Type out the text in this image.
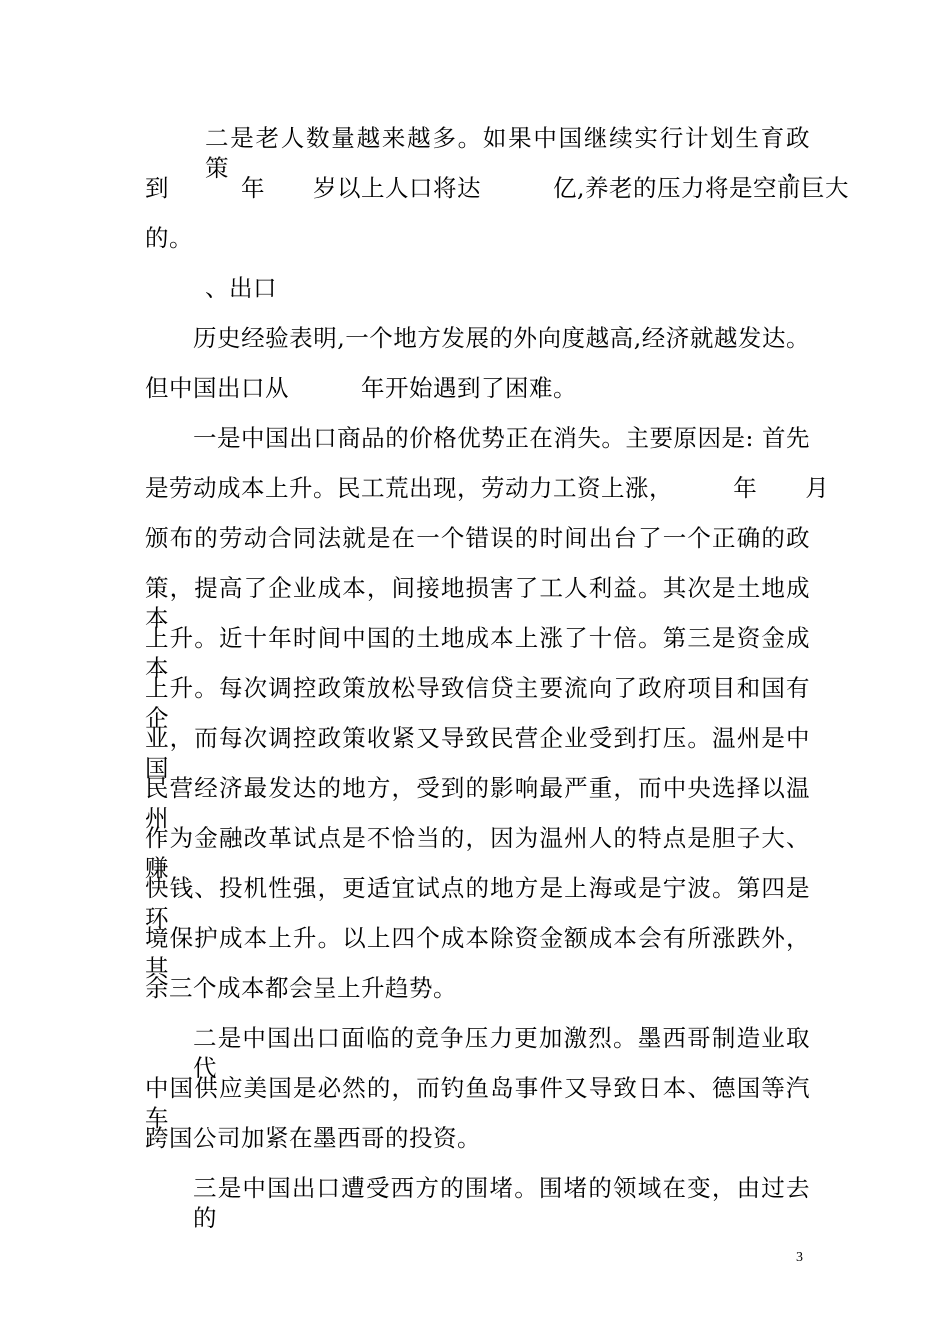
二是老人数量越来越多。如果中国继续实行计划生育政策，
到　　　年　　岁以上人口将达　　　亿,养老的压力将是空前巨大
的。
、出口
历史经验表明,一个地方发展的外向度越高,经济就越发达。
但中国出口从　　　年开始遇到了困难。
一是中国出口商品的价格优势正在消失。主要原因是: 首先
是劳动成本上升。民工荒出现，劳动力工资上涨，　　　年　　月
颁布的劳动合同法就是在一个错误的时间出台了一个正确的政
策，提高了企业成本，间接地损害了工人利益。其次是土地成本
上升。近十年时间中国的土地成本上涨了十倍。第三是资金成本
上升。每次调控政策放松导致信贷主要流向了政府项目和国有企
业，而每次调控政策收紧又导致民营企业受到打压。温州是中国
民营经济最发达的地方，受到的影响最严重，而中央选择以温州
作为金融改革试点是不恰当的，因为温州人的特点是胆子大、赚
快钱、投机性强，更适宜试点的地方是上海或是宁波。第四是环
境保护成本上升。以上四个成本除资金额成本会有所涨跌外，其
余三个成本都会呈上升趋势。
二是中国出口面临的竞争压力更加激烈。墨西哥制造业取代
中国供应美国是必然的，而钓鱼岛事件又导致日本、德国等汽车
跨国公司加紧在墨西哥的投资。
三是中国出口遭受西方的围堵。围堵的领域在变，由过去的
3
